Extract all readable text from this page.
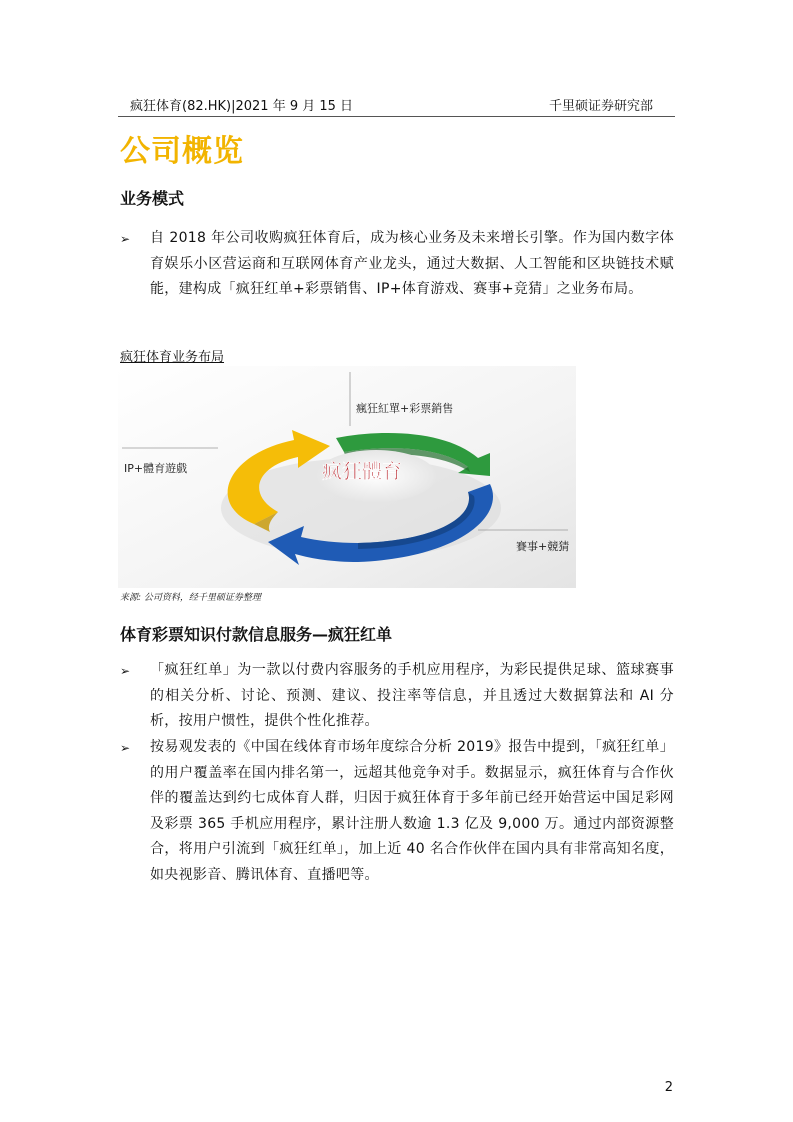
疯狂体育(82.HK)|2021 年 9 月 15 日	千里硕证券研究部
公司概览
业务模式
➢ 自 2018 年公司收购疯狂体育后，成为核心业务及未来增长引擎。作为国内数字体育娱乐小区营运商和互联网体育产业龙头，通过大数据、人工智能和区块链技术赋能，建构成「疯狂红单+彩票销售、IP+体育游戏、赛事+竞猜」之业务布局。
疯狂体育业务布局
疯狂體育
瘋狂紅單+彩票銷售
IP+體育遊戲
賽事+競猜
来源: 公司资料，经千里硕证券整理
体育彩票知识付款信息服务—疯狂红单
➢ 「疯狂红单」为一款以付费内容服务的手机应用程序，为彩民提供足球、篮球赛事的相关分析、讨论、预测、建议、投注率等信息，并且透过大数据算法和 AI 分析，按用户惯性，提供个性化推荐。
➢ 按易观发表的《中国在线体育市场年度综合分析 2019》报告中提到，「疯狂红单」的用户覆盖率在国内排名第一，远超其他竞争对手。数据显示，疯狂体育与合作伙伴的覆盖达到约七成体育人群，归因于疯狂体育于多年前已经开始营运中国足彩网及彩票 365 手机应用程序，累计注册人数逾 1.3 亿及 9,000 万。通过内部资源整合，将用户引流到「疯狂红单」，加上近 40 名合作伙伴在国内具有非常高知名度，如央视影音、腾讯体育、直播吧等。
2
